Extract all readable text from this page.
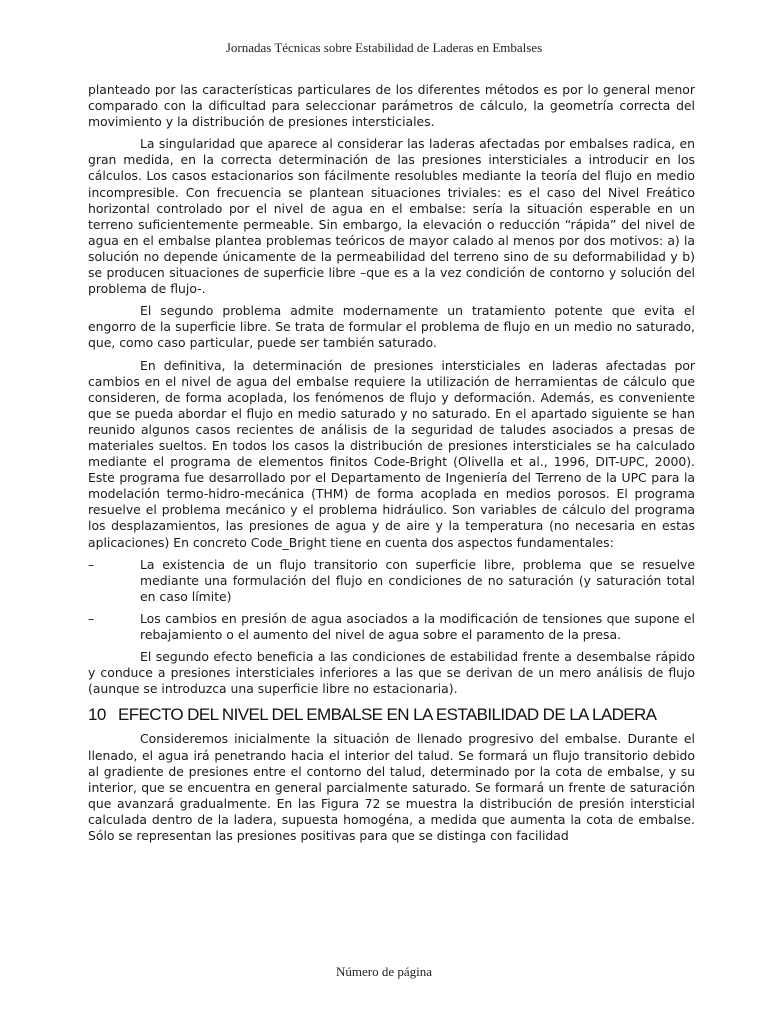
Jornadas Técnicas sobre Estabilidad de Laderas en Embalses

planteado por las características particulares de los diferentes métodos es por lo general menor comparado con la dificultad para seleccionar parámetros de cálculo, la geometría correcta del movimiento y la distribución de presiones intersticiales.

La singularidad que aparece al considerar las laderas afectadas por embalses radica, en gran medida, en la correcta determinación de las presiones intersticiales a introducir en los cálculos. Los casos estacionarios son fácilmente resolubles mediante la teoría del flujo en medio incompresible. Con frecuencia se plantean situaciones triviales: es el caso del Nivel Freático horizontal controlado por el nivel de agua en el embalse: sería la situación esperable en un terreno suficientemente permeable. Sin embargo, la elevación o reducción “rápida” del nivel de agua en el embalse plantea problemas teóricos de mayor calado al menos por dos motivos: a) la solución no depende únicamente de la permeabilidad del terreno sino de su deformabilidad y b) se producen situaciones de superficie libre –que es a la vez condición de contorno y solución del problema de flujo-.

El segundo problema admite modernamente un tratamiento potente que evita el engorro de la superficie libre. Se trata de formular el problema de flujo en un medio no saturado, que, como caso particular, puede ser también saturado.

En definitiva, la determinación de presiones intersticiales en laderas afectadas por cambios en el nivel de agua del embalse requiere la utilización de herramientas de cálculo que consideren, de forma acoplada, los fenómenos de flujo y deformación. Además, es conveniente que se pueda abordar el flujo en medio saturado y no saturado. En el apartado siguiente se han reunido algunos casos recientes de análisis de la seguridad de taludes asociados a presas de materiales sueltos. En todos los casos la distribución de presiones intersticiales se ha calculado mediante el programa de elementos finitos Code-Bright (Olivella et al., 1996, DIT-UPC, 2000). Este programa fue desarrollado por el Departamento de Ingeniería del Terreno de la UPC para la modelación termo-hidro-mecánica (THM) de forma acoplada en medios porosos. El programa resuelve el problema mecánico y el problema hidráulico. Son variables de cálculo del programa los desplazamientos, las presiones de agua y de aire y la temperatura (no necesaria en estas aplicaciones) En concreto Code_Bright tiene en cuenta dos aspectos fundamentales:

–	La existencia de un flujo transitorio con superficie libre, problema que se resuelve mediante una formulación del flujo en condiciones de no saturación (y saturación total en caso límite)
–	Los cambios en presión de agua asociados a la modificación de tensiones que supone el rebajamiento o el aumento del nivel de agua sobre el paramento de la presa.

El segundo efecto beneficia a las condiciones de estabilidad frente a desembalse rápido y conduce a presiones intersticiales inferiores a las que se derivan de un mero análisis de flujo (aunque se introduzca una superficie libre no estacionaria).

10 EFECTO DEL NIVEL DEL EMBALSE EN LA ESTABILIDAD DE LA LADERA

Consideremos inicialmente la situación de llenado progresivo del embalse. Durante el llenado, el agua irá penetrando hacia el interior del talud. Se formará un flujo transitorio debido al gradiente de presiones entre el contorno del talud, determinado por la cota de embalse, y su interior, que se encuentra en general parcialmente saturado. Se formará un frente de saturación que avanzará gradualmente. En las Figura 72 se muestra la distribución de presión intersticial calculada dentro de la ladera, supuesta homogéna, a medida que aumenta la cota de embalse. Sólo se representan las presiones positivas para que se distinga con facilidad

Número de página
